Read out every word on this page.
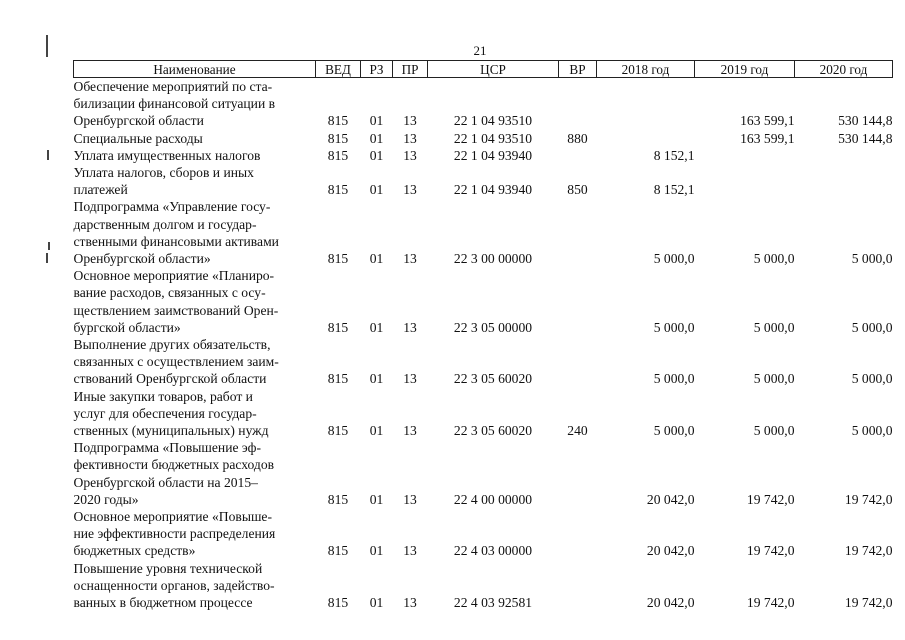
21
Наименование	ВЕД	РЗ	ПР	ЦСР	ВР	2018 год	2019 год	2020 год

Обеспечение мероприятий по ста-
билизации финансовой ситуации в
Оренбургской области	815	01	13	22 1 04 93510			163 599,1	530 144,8

Специальные расходы	815	01	13	22 1 04 93510	880		163 599,1	530 144,8

Уплата имущественных налогов	815	01	13	22 1 04 93940		8 152,1		

Уплата налогов, сборов и иных
платежей	815	01	13	22 1 04 93940	850	8 152,1		

Подпрограмма «Управление госу-
дарственным долгом и государ-
ственными финансовыми активами
Оренбургской области»	815	01	13	22 3 00 00000		5 000,0	5 000,0	5 000,0

Основное мероприятие «Планиро-
вание расходов, связанных с осу-
ществлением заимствований Орен-
бургской области»	815	01	13	22 3 05 00000		5 000,0	5 000,0	5 000,0

Выполнение других обязательств,
связанных с осуществлением заим-
ствований Оренбургской области	815	01	13	22 3 05 60020		5 000,0	5 000,0	5 000,0

Иные закупки товаров, работ и
услуг для обеспечения государ-
ственных (муниципальных) нужд	815	01	13	22 3 05 60020	240	5 000,0	5 000,0	5 000,0

Подпрограмма «Повышение эф-
фективности бюджетных расходов
Оренбургской области на 2015–
2020 годы»	815	01	13	22 4 00 00000		20 042,0	19 742,0	19 742,0

Основное мероприятие «Повыше-
ние эффективности распределения
бюджетных средств»	815	01	13	22 4 03 00000		20 042,0	19 742,0	19 742,0

Повышение уровня технической
оснащенности органов, задейство-
ванных в бюджетном процессе	815	01	13	22 4 03 92581		20 042,0	19 742,0	19 742,0
